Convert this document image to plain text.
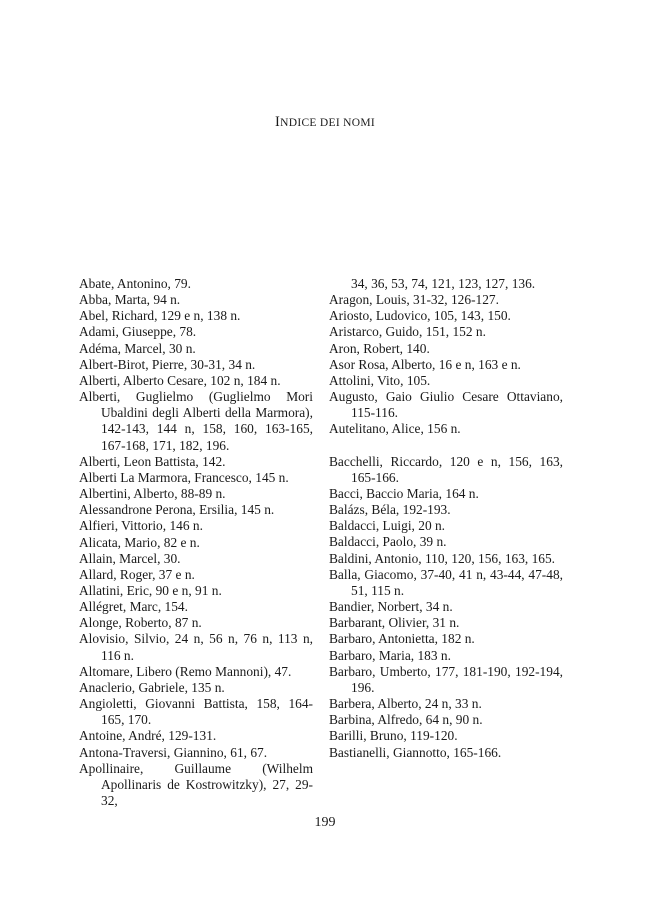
INDICE DEI NOMI

Abate, Antonino, 79.

Abba, Marta, 94 n.

Abel, Richard, 129 e n, 138 n.

Adami, Giuseppe, 78.

Adéma, Marcel, 30 n.

Albert-Birot, Pierre, 30-31, 34 n.

Alberti, Alberto Cesare, 102 n, 184 n.

Alberti, Guglielmo (Guglielmo Mori Ubaldini degli Alberti della Marmora), 142-143, 144 n, 158, 160, 163-165, 167-168, 171, 182, 196.

Alberti, Leon Battista, 142.

Alberti La Marmora, Francesco, 145 n.

Albertini, Alberto, 88-89 n.

Alessandrone Perona, Ersilia, 145 n.

Alfieri, Vittorio, 146 n.

Alicata, Mario, 82 e n.

Allain, Marcel, 30.

Allard, Roger, 37 e n.

Allatini, Eric, 90 e n, 91 n.

Allégret, Marc, 154.

Alonge, Roberto, 87 n.

Alovisio, Silvio, 24 n, 56 n, 76 n, 113 n, 116 n.

Altomare, Libero (Remo Mannoni), 47.

Anaclerio, Gabriele, 135 n.

Angioletti, Giovanni Battista, 158, 164-165, 170.

Antoine, André, 129-131.

Antona-Traversi, Giannino, 61, 67.

Apollinaire, Guillaume (Wilhelm Apollinaris de Kostrowitzky), 27, 29-32,

34, 36, 53, 74, 121, 123, 127, 136.

Aragon, Louis, 31-32, 126-127.

Ariosto, Ludovico, 105, 143, 150.

Aristarco, Guido, 151, 152 n.

Aron, Robert, 140.

Asor Rosa, Alberto, 16 e n, 163 e n.

Attolini, Vito, 105.

Augusto, Gaio Giulio Cesare Ottaviano, 115-116.

Autelitano, Alice, 156 n.

Bacchelli, Riccardo, 120 e n, 156, 163, 165-166.

Bacci, Baccio Maria, 164 n.

Balázs, Béla, 192-193.

Baldacci, Luigi, 20 n.

Baldacci, Paolo, 39 n.

Baldini, Antonio, 110, 120, 156, 163, 165.

Balla, Giacomo, 37-40, 41 n, 43-44, 47-48, 51, 115 n.

Bandier, Norbert, 34 n.

Barbarant, Olivier, 31 n.

Barbaro, Antonietta, 182 n.

Barbaro, Maria, 183 n.

Barbaro, Umberto, 177, 181-190, 192-194, 196.

Barbera, Alberto, 24 n, 33 n.

Barbina, Alfredo, 64 n, 90 n.

Barilli, Bruno, 119-120.

Bastianelli, Giannotto, 165-166.

199
